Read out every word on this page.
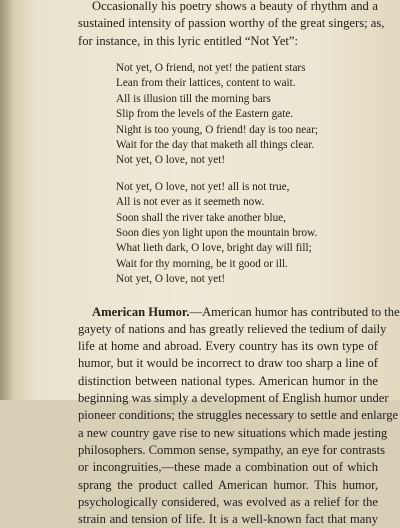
Occasionally his poetry shows a beauty of rhythm and a
sustained intensity of passion worthy of the great singers; as,
for instance, in this lyric entitled “Not Yet”:

Not yet, O friend, not yet! the patient stars
Lean from their lattices, content to wait.
All is illusion till the morning bars
Slip from the levels of the Eastern gate.
Night is too young, O friend! day is too near;
Wait for the day that maketh all things clear.
Not yet, O love, not yet!
Not yet, O love, not yet! all is not true,
All is not ever as it seemeth now.
Soon shall the river take another blue,
Soon dies yon light upon the mountain brow.
What lieth dark, O love, bright day will fill;
Wait for thy morning, be it good or ill.
Not yet, O love, not yet!

American Humor.—American humor has contributed to the
gayety of nations and has greatly relieved the tedium of daily
life at home and abroad. Every country has its own type of
humor, but it would be incorrect to draw too sharp a line of
distinction between national types. American humor in the
beginning was simply a development of English humor under
pioneer conditions; the struggles necessary to settle and enlarge
a new country gave rise to new situations which made jesting
philosophers. Common sense, sympathy, an eye for contrasts
or incongruities,—these made a combination out of which
sprang the product called American humor. This humor,
psychologically considered, was evolved as a relief for the
strain and tension of life. It is a well-known fact that many
